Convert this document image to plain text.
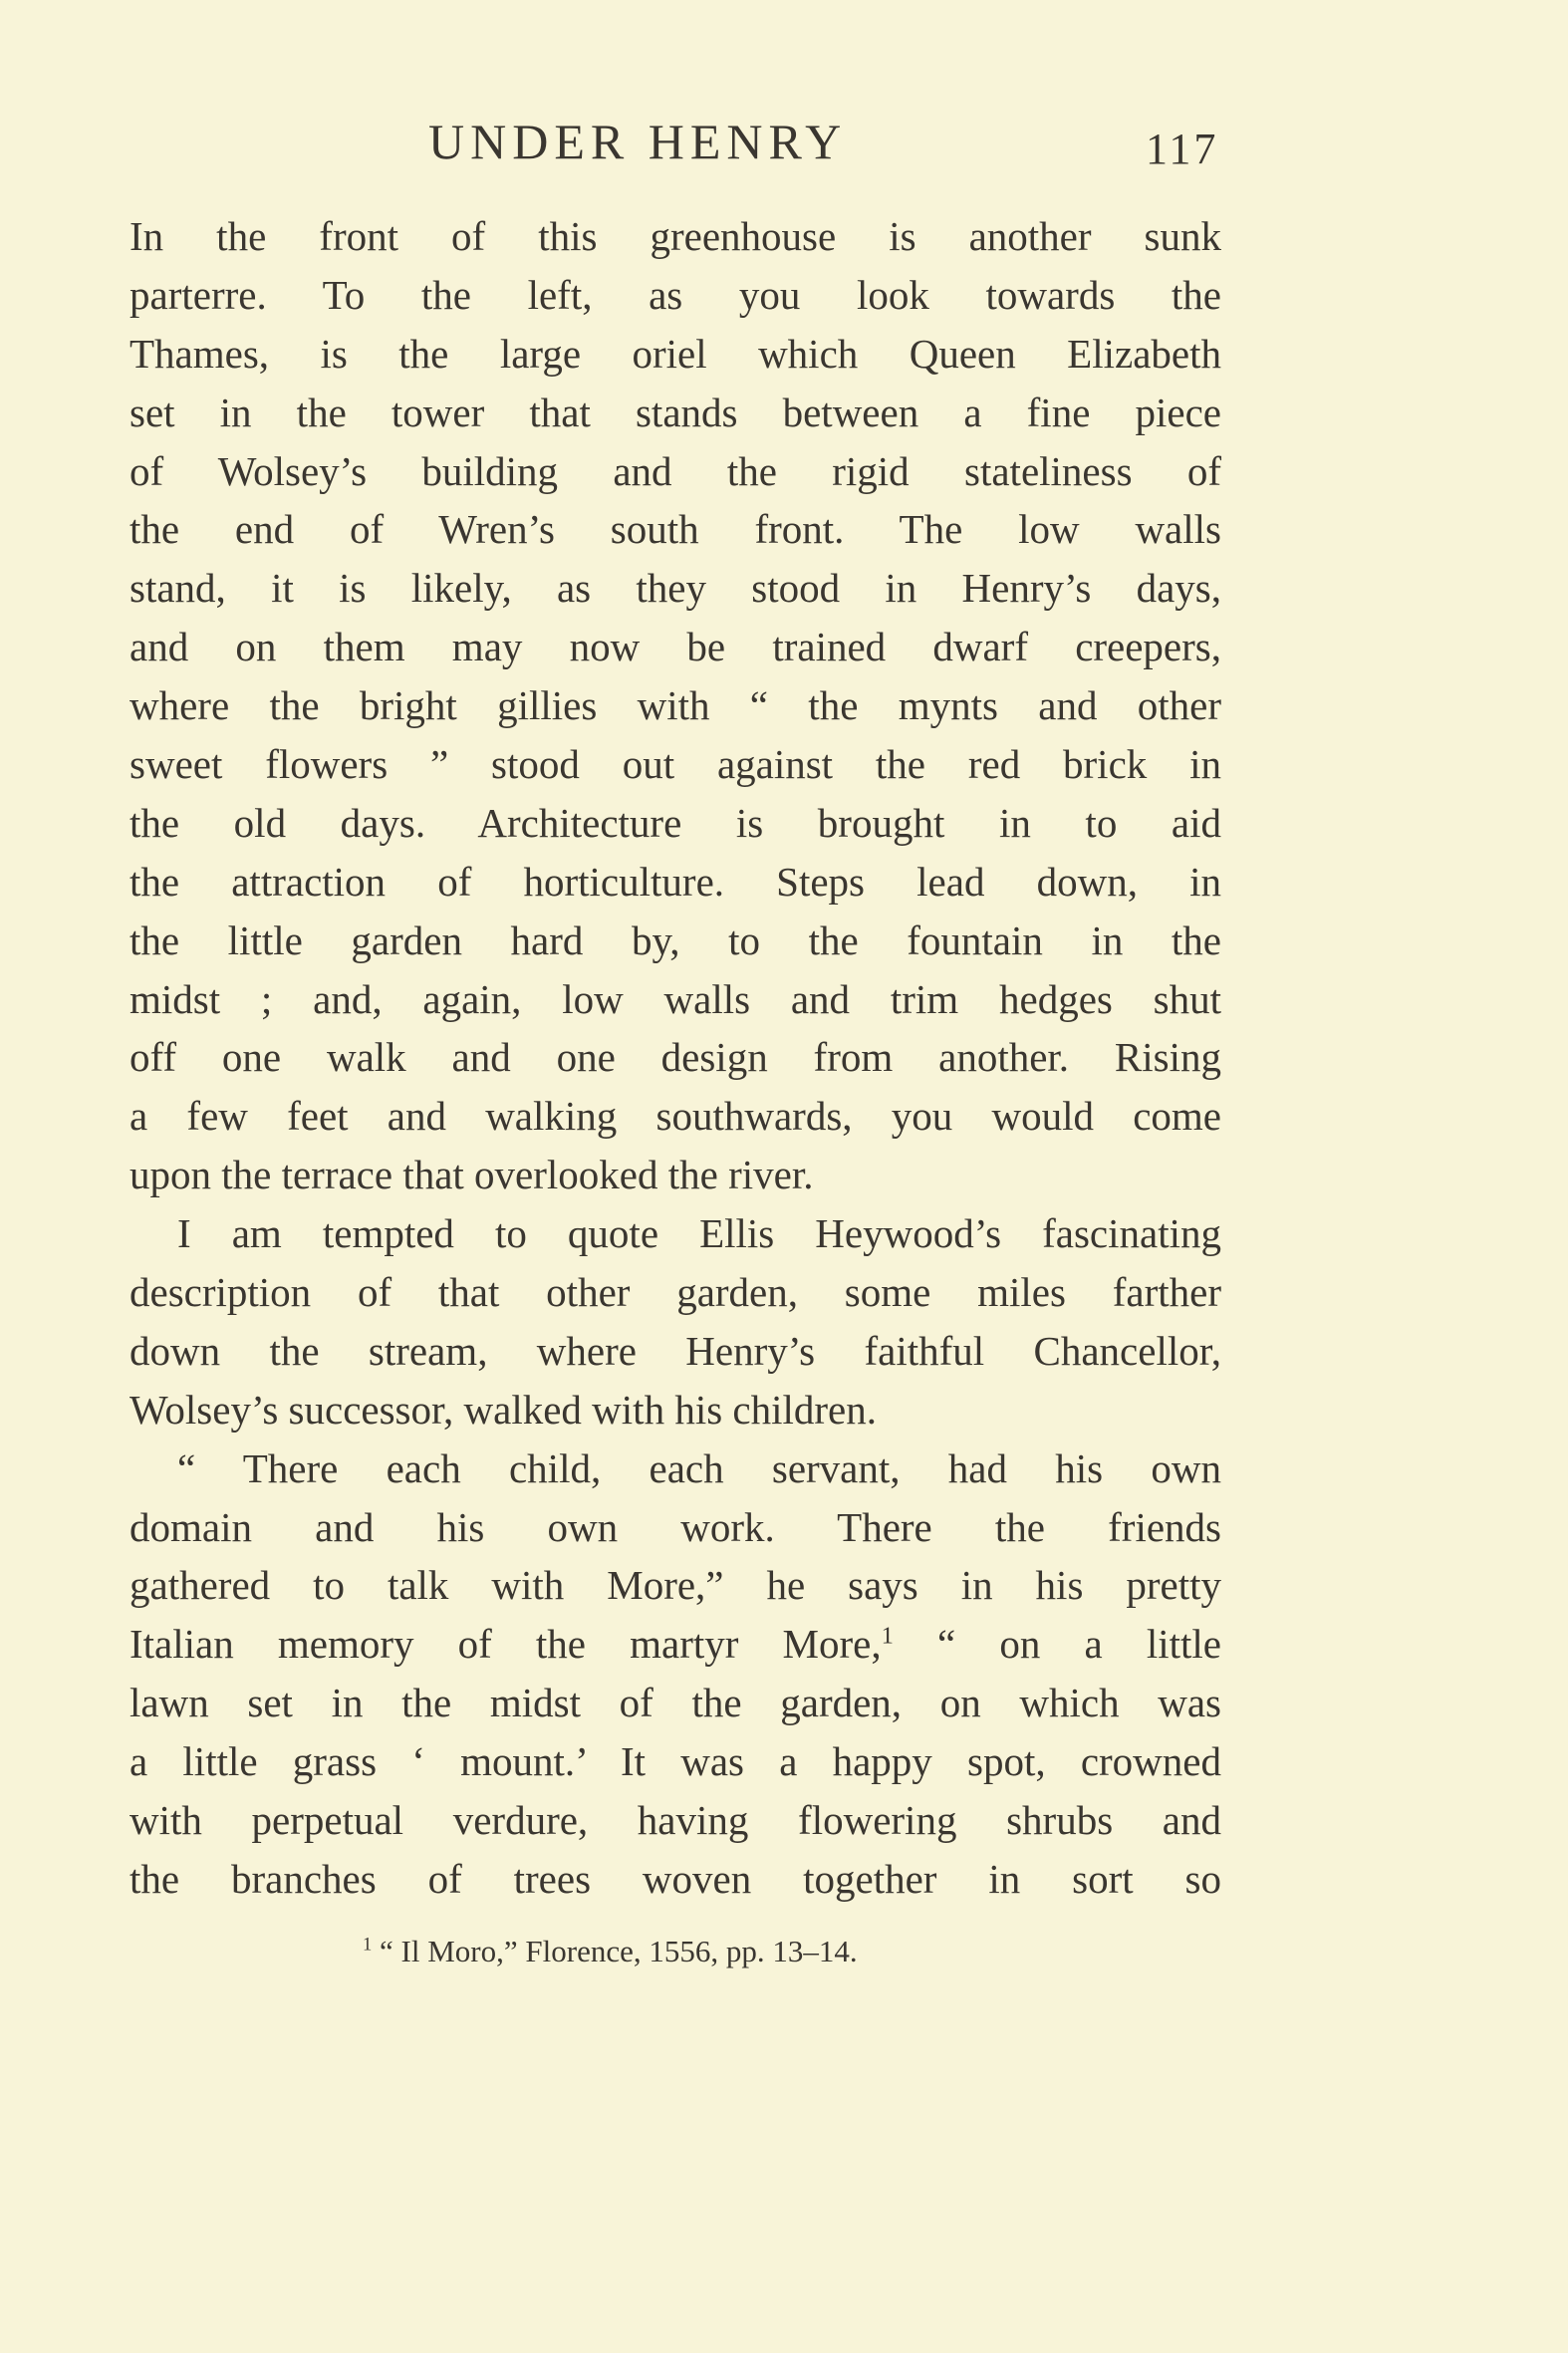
UNDER HENRY	117
In the front of this greenhouse is another sunk
parterre. To the left, as you look towards the
Thames, is the large oriel which Queen Elizabeth
set in the tower that stands between a fine piece
of Wolsey’s building and the rigid stateliness of
the end of Wren’s south front. The low walls
stand, it is likely, as they stood in Henry’s days,
and on them may now be trained dwarf creepers,
where the bright gillies with “ the mynts and other
sweet flowers ” stood out against the red brick in
the old days. Architecture is brought in to aid
the attraction of horticulture. Steps lead down, in
the little garden hard by, to the fountain in the
midst ; and, again, low walls and trim hedges shut
off one walk and one design from another. Rising
a few feet and walking southwards, you would come
upon the terrace that overlooked the river.
I am tempted to quote Ellis Heywood’s fascinating
description of that other garden, some miles farther
down the stream, where Henry’s faithful Chancellor,
Wolsey’s successor, walked with his children.
“ There each child, each servant, had his own
domain and his own work. There the friends
gathered to talk with More,” he says in his pretty
Italian memory of the martyr More,$^1$ “ on a little
lawn set in the midst of the garden, on which was
a little grass ‘ mount.’ It was a happy spot, crowned
with perpetual verdure, having flowering shrubs and
the branches of trees woven together in sort so
$^1$ “ Il Moro,” Florence, 1556, pp. 13–14.
